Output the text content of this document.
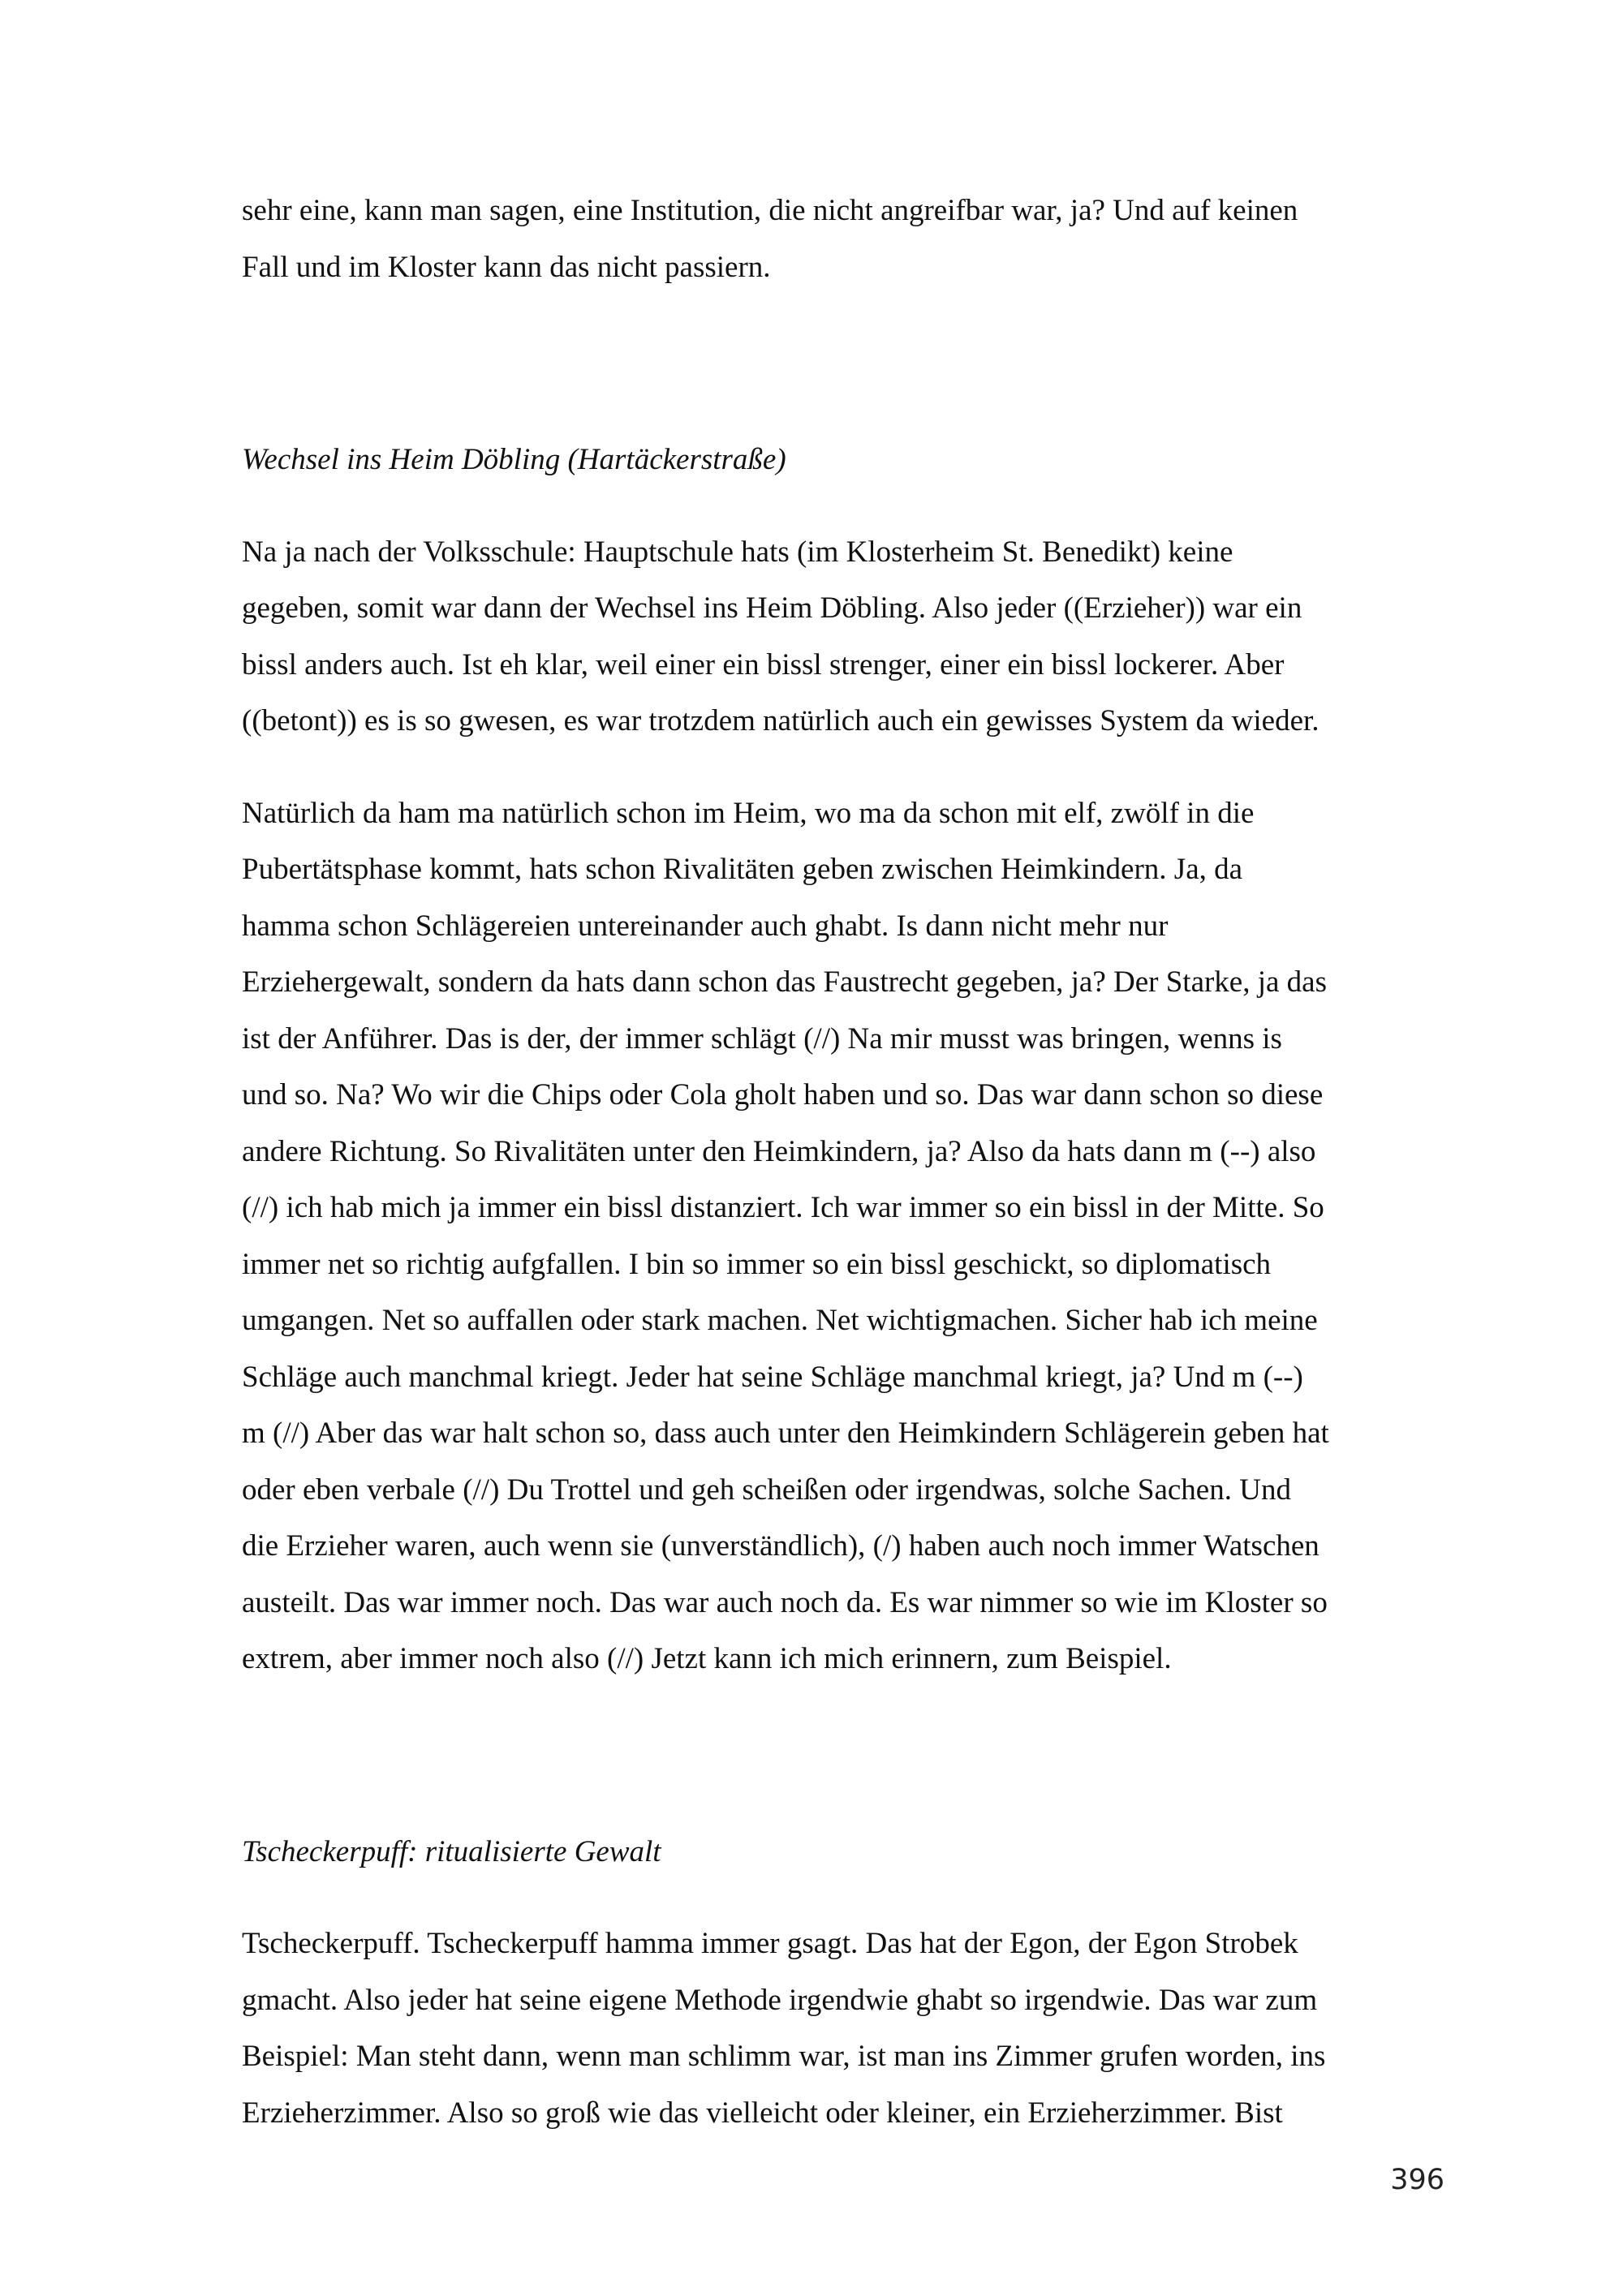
sehr eine, kann man sagen, eine Institution, die nicht angreifbar war, ja? Und auf keinen
Fall und im Kloster kann das nicht passiern.

Wechsel ins Heim Döbling (Hartäckerstraße)

Na ja nach der Volksschule: Hauptschule hats (im Klosterheim St. Benedikt) keine
gegeben, somit war dann der Wechsel ins Heim Döbling. Also jeder ((Erzieher)) war ein
bissl anders auch. Ist eh klar, weil einer ein bissl strenger, einer ein bissl lockerer. Aber
((betont)) es is so gwesen, es war trotzdem natürlich auch ein gewisses System da wieder.

Natürlich da ham ma natürlich schon im Heim, wo ma da schon mit elf, zwölf in die
Pubertätsphase kommt, hats schon Rivalitäten geben zwischen Heimkindern. Ja, da
hamma schon Schlägereien untereinander auch ghabt. Is dann nicht mehr nur
Erziehergewalt, sondern da hats dann schon das Faustrecht gegeben, ja? Der Starke, ja das
ist der Anführer. Das is der, der immer schlägt (//) Na mir musst was bringen, wenns is
und so. Na? Wo wir die Chips oder Cola gholt haben und so. Das war dann schon so diese
andere Richtung. So Rivalitäten unter den Heimkindern, ja? Also da hats dann m (--) also
(//) ich hab mich ja immer ein bissl distanziert. Ich war immer so ein bissl in der Mitte. So
immer net so richtig aufgfallen. I bin so immer so ein bissl geschickt, so diplomatisch
umgangen. Net so auffallen oder stark machen. Net wichtigmachen. Sicher hab ich meine
Schläge auch manchmal kriegt. Jeder hat seine Schläge manchmal kriegt, ja? Und m (--)
m (//) Aber das war halt schon so, dass auch unter den Heimkindern Schlägerein geben hat
oder eben verbale (//) Du Trottel und geh scheißen oder irgendwas, solche Sachen. Und
die Erzieher waren, auch wenn sie (unverständlich), (/) haben auch noch immer Watschen
austeilt. Das war immer noch. Das war auch noch da. Es war nimmer so wie im Kloster so
extrem, aber immer noch also (//) Jetzt kann ich mich erinnern, zum Beispiel.

Tscheckerpuff: ritualisierte Gewalt

Tscheckerpuff. Tscheckerpuff hamma immer gsagt. Das hat der Egon, der Egon Strobek
gmacht. Also jeder hat seine eigene Methode irgendwie ghabt so irgendwie. Das war zum
Beispiel: Man steht dann, wenn man schlimm war, ist man ins Zimmer grufen worden, ins
Erzieherzimmer. Also so groß wie das vielleicht oder kleiner, ein Erzieherzimmer. Bist

396
